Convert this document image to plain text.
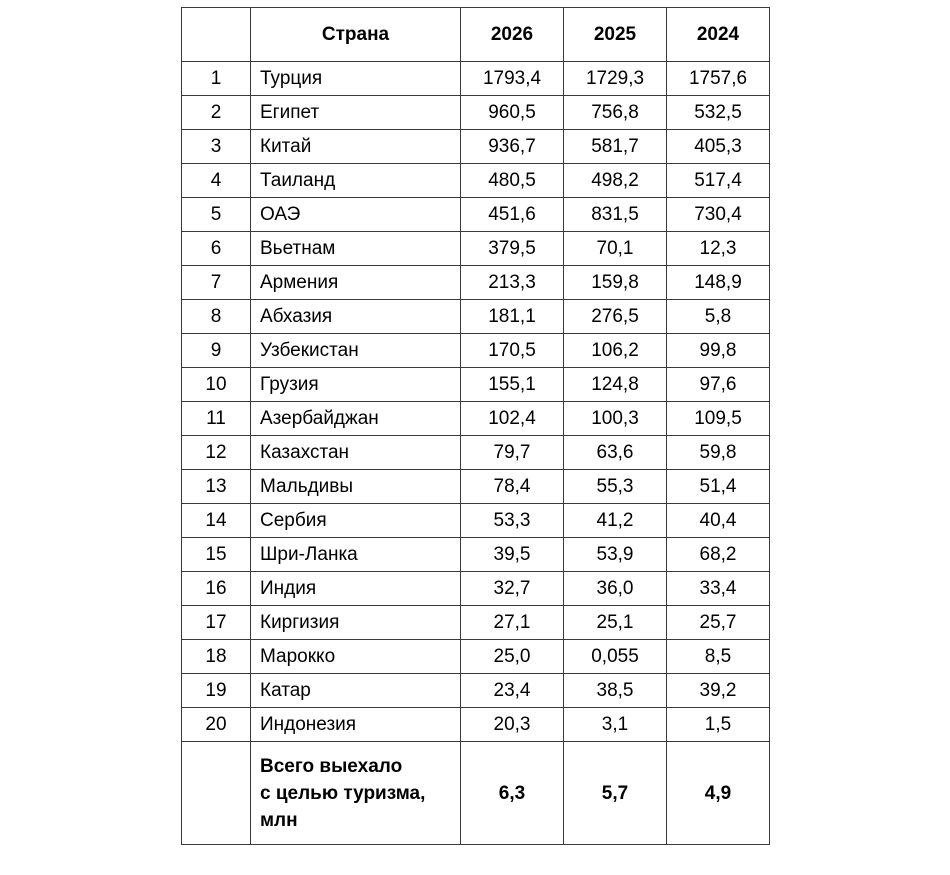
	Страна	2026	2025	2024
1	Турция	1793,4	1729,3	1757,6
2	Египет	960,5	756,8	532,5
3	Китай	936,7	581,7	405,3
4	Таиланд	480,5	498,2	517,4
5	ОАЭ	451,6	831,5	730,4
6	Вьетнам	379,5	70,1	12,3
7	Армения	213,3	159,8	148,9
8	Абхазия	181,1	276,5	5,8
9	Узбекистан	170,5	106,2	99,8
10	Грузия	155,1	124,8	97,6
11	Азербайджан	102,4	100,3	109,5
12	Казахстан	79,7	63,6	59,8
13	Мальдивы	78,4	55,3	51,4
14	Сербия	53,3	41,2	40,4
15	Шри-Ланка	39,5	53,9	68,2
16	Индия	32,7	36,0	33,4
17	Киргизия	27,1	25,1	25,7
18	Марокко	25,0	0,055	8,5
19	Катар	23,4	38,5	39,2
20	Индонезия	20,3	3,1	1,5

	Всего выехало
с целью туризма,
млн	6,3	5,7	4,9
